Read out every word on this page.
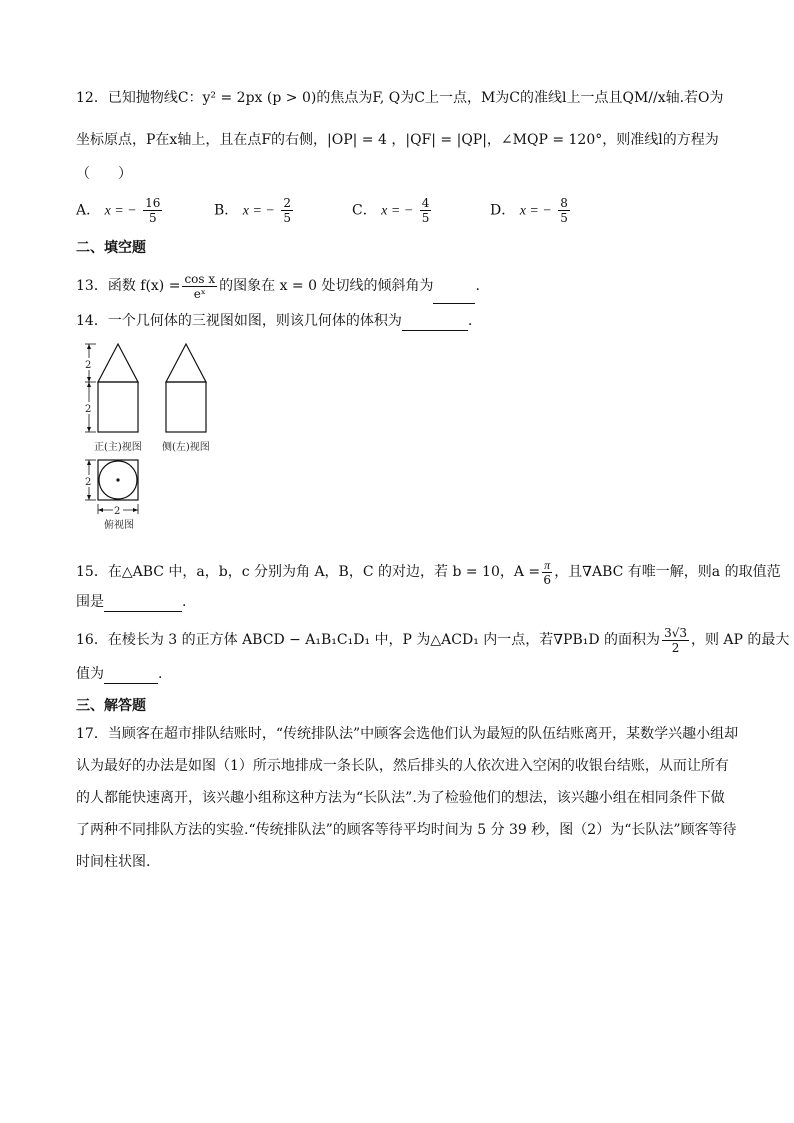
12．已知抛物线C：y² = 2px (p > 0)的焦点为F, Q为C上一点，M为C的准线l上一点且QM//x轴.若O为
坐标原点，P在x轴上，且在点F的右侧，|OP| = 4 ，|QF| = |QP|，∠MQP = 120°，则准线l的方程为
（　　）
A． x = − $\frac{16}{5}$	B． x = − $\frac{2}{5}$	C． x = − $\frac{4}{5}$	D． x = − $\frac{8}{5}$
二、填空题
13．函数 $f(x) = \frac{\text{cos x}}{\text{eˣ}}$ 的图象在 x = 0 处切线的倾斜角为	.
14．一个几何体的三视图如图，则该几何体的体积为	.
2
2
正(主)视图 侧(左)视图
2
2
俯视图
15．在△ABC 中，a，b，c 分别为角 A，B，C 的对边，若 b = 10，$A = \frac{\pi}{6}$ ，且∇ABC 有唯一解，则a 的取值范
围是	.
16．在棱长为 3 的正方体 ABCD − A₁B₁C₁D₁ 中，P 为△ACD₁ 内一点，若∇PB₁D 的面积为 $\frac{3√3}{2}$ ，则 AP 的最大
值为	.
三、解答题
17．当顾客在超市排队结账时，“传统排队法”中顾客会选他们认为最短的队伍结账离开，某数学兴趣小组却
认为最好的办法是如图（1）所示地排成一条长队，然后排头的人依次进入空闲的收银台结账，从而让所有
的人都能快速离开，该兴趣小组称这种方法为“长队法”.为了检验他们的想法，该兴趣小组在相同条件下做
了两种不同排队方法的实验.“传统排队法”的顾客等待平均时间为 5 分 39 秒，图（2）为“长队法”顾客等待
时间柱状图.
